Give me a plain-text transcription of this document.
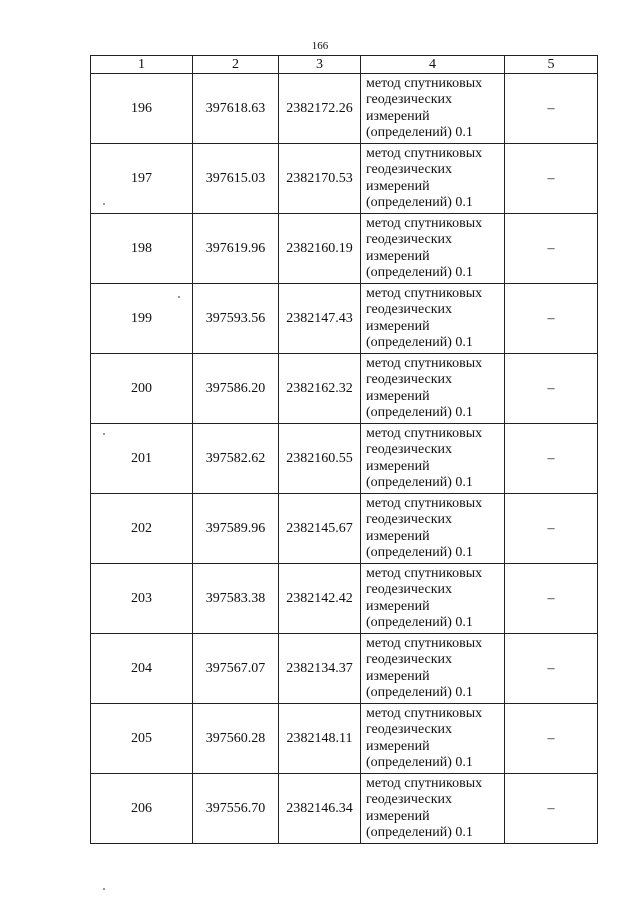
166
1	2	3	4	5
196	397618.63	2382172.26	метод спутниковых
геодезических
измерений
(определений) 0.1	–
197	397615.03	2382170.53	метод спутниковых
геодезических
измерений
(определений) 0.1	–
198	397619.96	2382160.19	метод спутниковых
геодезических
измерений
(определений) 0.1	–
199	397593.56	2382147.43	метод спутниковых
геодезических
измерений
(определений) 0.1	–
200	397586.20	2382162.32	метод спутниковых
геодезических
измерений
(определений) 0.1	–
201	397582.62	2382160.55	метод спутниковых
геодезических
измерений
(определений) 0.1	–
202	397589.96	2382145.67	метод спутниковых
геодезических
измерений
(определений) 0.1	–
203	397583.38	2382142.42	метод спутниковых
геодезических
измерений
(определений) 0.1	–
204	397567.07	2382134.37	метод спутниковых
геодезических
измерений
(определений) 0.1	–
205	397560.28	2382148.11	метод спутниковых
геодезических
измерений
(определений) 0.1	–
206	397556.70	2382146.34	метод спутниковых
геодезических
измерений
(определений) 0.1	–
